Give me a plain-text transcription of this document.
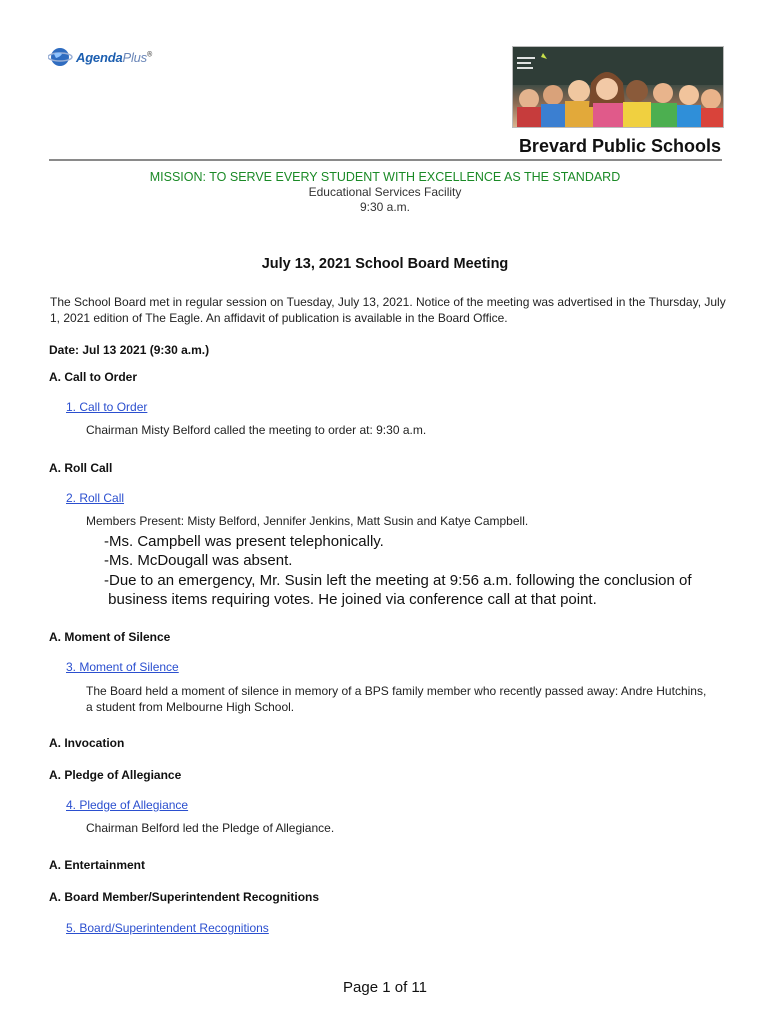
AgendaPlus®
Brevard Public Schools
MISSION: TO SERVE EVERY STUDENT WITH EXCELLENCE AS THE STANDARD
Educational Services Facility
9:30 a.m.
July 13, 2021 School Board Meeting
The School Board met in regular session on Tuesday, July 13, 2021. Notice of the meeting was advertised in the Thursday, July 1, 2021 edition of The Eagle. An affidavit of publication is available in the Board Office.
Date: Jul 13 2021 (9:30 a.m.)
A. Call to Order
1. Call to Order
Chairman Misty Belford called the meeting to order at: 9:30 a.m.
A. Roll Call
2. Roll Call
Members Present: Misty Belford, Jennifer Jenkins, Matt Susin and Katye Campbell.
-Ms. Campbell was present telephonically.
-Ms. McDougall was absent.
-Due to an emergency, Mr. Susin left the meeting at 9:56 a.m. following the conclusion of
business items requiring votes. He joined via conference call at that point.
A. Moment of Silence
3. Moment of Silence
The Board held a moment of silence in memory of a BPS family member who recently passed away: Andre Hutchins, a student from Melbourne High School.
A. Invocation
A. Pledge of Allegiance
4. Pledge of Allegiance
Chairman Belford led the Pledge of Allegiance.
A. Entertainment
A. Board Member/Superintendent Recognitions
5. Board/Superintendent Recognitions
Page 1 of 11
